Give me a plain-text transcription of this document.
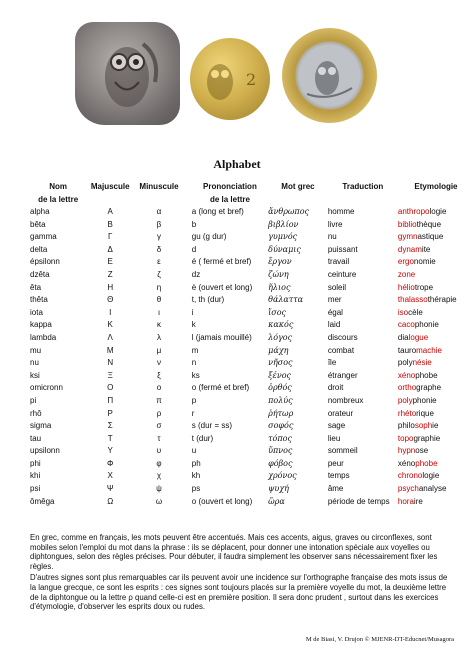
2
Alphabet
Nom	Majuscule	Minuscule	Prononciation	Mot grec	Traduction	Etymologie
de la lettre			de la lettre			
alpha	Α	α	a (long et bref)	ἄνθρωπος	homme	anthropologie
bêta	Β	β	b	βιβλίον	livre	bibliothèque
gamma	Γ	γ	gu (g dur)	γυμνός	nu	gymnastique
delta	Δ	δ	d	δύναμις	puissant	dynamite
épsilonn	Ε	ε	é ( fermé et bref)	ἔργον	travail	ergonomie
dzêta	Ζ	ζ	dz	ζώνη	ceinture	zone
êta	Η	η	è (ouvert et long)	ἥλιος	soleil	héliotrope
thêta	Θ	θ	t, th (dur)	θάλαττα	mer	thalassothérapie
iota	Ι	ι	i	ἴσος	égal	isocèle
kappa	Κ	κ	k	κακός	laid	cacophonie
lambda	Λ	λ	l (jamais mouillé)	λόγος	discours	dialogue
mu	Μ	μ	m	μάχη	combat	tauromachie
nu	Ν	ν	n	νῆσος	île	polynésie
ksi	Ξ	ξ	ks	ξένος	étranger	xénophobe
omicronn	Ο	ο	o (fermé et bref)	ὀρθός	droit	orthographe
pi	Π	π	p	πολύς	nombreux	polyphonie
rhô	Ρ	ρ	r	ῥήτωρ	orateur	rhétorique
sigma	Σ	σ	s (dur = ss)	σοφός	sage	philosophie
tau	Τ	τ	t (dur)	τόπος	lieu	topographie
upsilonn	Υ	υ	u	ὕπνος	sommeil	hypnose
phi	Φ	φ	ph	φόβος	peur	xénophobe
khi	Χ	χ	kh	χρόνος	temps	chronologie
psi	Ψ	ψ	ps	ψυχή	âme	psychanalyse
ômêga	Ω	ω	o (ouvert et long)	ὥρα	période de temps	horaire

En grec, comme en français, les mots peuvent être accentués. Mais ces accents, aigus, graves ou circonflexes, sont mobiles selon l'emploi du mot dans la phrase : ils se déplacent, pour donner une intonation spéciale aux voyelles ou diphtongues, selon des règles précises. Pour débuter, il faudra simplement les observer sans nécessairement fixer les règles.

D'autres signes sont plus remarquables car ils peuvent avoir une incidence sur l'orthographe française des mots issus de la langue grecque, ce sont les esprits : ces signes sont toujours placés sur la première voyelle du mot, la deuxième lettre de la diphtongue ou la lettre ρ quand celle-ci est en première position. Il sera donc prudent , surtout dans les exercices d'étymologie, d'observer les esprits doux ou rudes.

M de Biasi, V. Drujon © MJENR-DT-Educnet/Musagora
